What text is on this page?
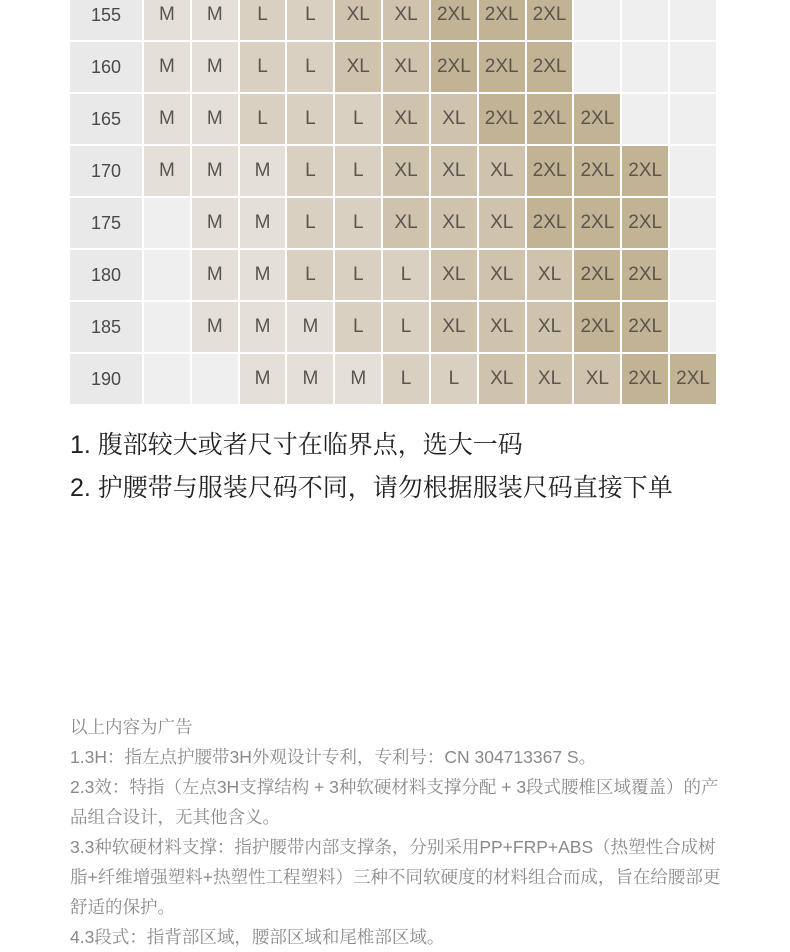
155	M	M	L	L	XL	XL	2XL	2XL	2XL			
160	M	M	L	L	XL	XL	2XL	2XL	2XL			
165	M	M	L	L	L	XL	XL	2XL	2XL	2XL		
170	M	M	M	L	L	XL	XL	XL	2XL	2XL	2XL	
175		M	M	L	L	XL	XL	XL	2XL	2XL	2XL	
180		M	M	L	L	L	XL	XL	XL	2XL	2XL	
185		M	M	M	L	L	XL	XL	XL	2XL	2XL	
190			M	M	M	L	L	XL	XL	XL	2XL	2XL
1. 腹部较大或者尺寸在临界点，选大一码
2. 护腰带与服装尺码不同，请勿根据服装尺码直接下单

以上内容为广告

1.3H：指左点护腰带3H外观设计专利，专利号：CN 304713367 S。

2.3效：特指（左点3H支撑结构 + 3种软硬材料支撑分配 + 3段式腰椎区域覆盖）的产品组合设计，无其他含义。

3.3种软硬材料支撑：指护腰带内部支撑条，分别采用PP+FRP+ABS（热塑性合成树脂+纤维增强塑料+热塑性工程塑料）三种不同软硬度的材料组合而成，旨在给腰部更舒适的保护。

4.3段式：指背部区域，腰部区域和尾椎部区域。
